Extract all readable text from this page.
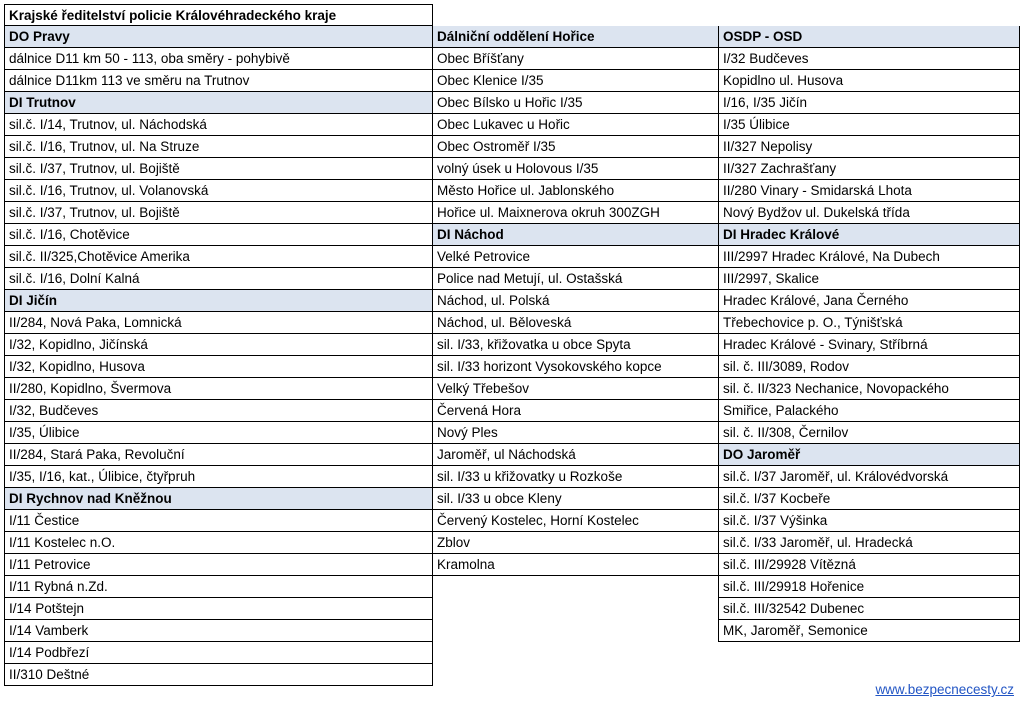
Krajské ředitelství policie Královéhradeckého kraje
DO Pravy
dálnice D11 km 50 - 113, oba směry - pohybivě
dálnice D11km 113 ve směru na Trutnov
DI Trutnov
sil.č. I/14, Trutnov, ul. Náchodská
sil.č. I/16, Trutnov, ul. Na Struze
sil.č. I/37, Trutnov, ul. Bojiště
sil.č. I/16, Trutnov, ul. Volanovská
sil.č. I/37, Trutnov, ul. Bojiště
sil.č. I/16, Chotěvice
sil.č. II/325,Chotěvice Amerika
sil.č. I/16, Dolní Kalná
DI Jičín
II/284, Nová Paka, Lomnická
I/32, Kopidlno, Jičínská
I/32, Kopidlno, Husova
II/280, Kopidlno, Švermova
I/32, Budčeves
I/35, Úlibice
II/284, Stará Paka, Revoluční
I/35, I/16, kat., Úlibice, čtyřpruh
DI Rychnov nad Kněžnou
I/11 Čestice
I/11 Kostelec n.O.
I/11 Petrovice
I/11 Rybná n.Zd.
I/14 Potštejn
I/14 Vamberk
I/14 Podbřezí
II/310 Deštné
Dálniční oddělení Hořice
Obec Bříšťany
Obec Klenice I/35
Obec Bílsko u Hořic I/35
Obec Lukavec u Hořic
Obec Ostroměř I/35
volný úsek u Holovous I/35
Město Hořice ul. Jablonského
Hořice ul. Maixnerova okruh 300ZGH
DI Náchod
Velké Petrovice
Police nad Metují, ul. Ostašská
Náchod, ul. Polská
Náchod, ul. Běloveská
sil. I/33, křižovatka u obce Spyta
sil. I/33 horizont Vysokovského kopce
Velký Třebešov
Červená Hora
Nový Ples
Jaroměř, ul Náchodská
sil. I/33 u křižovatky u Rozkoše
sil. I/33 u obce Kleny
Červený Kostelec, Horní Kostelec
Zblov
Kramolna
OSDP - OSD
I/32 Budčeves
Kopidlno ul. Husova
I/16, I/35 Jičín
I/35 Úlibice
II/327 Nepolisy
II/327 Zachrašťany
II/280 Vinary - Smidarská Lhota
Nový Bydžov ul. Dukelská třída
DI Hradec Králové
III/2997 Hradec Králové, Na Dubech
III/2997, Skalice
Hradec Králové, Jana Černého
Třebechovice p. O., Týnišťská
Hradec Králové - Svinary, Stříbrná
sil. č. III/3089, Rodov
sil. č. II/323 Nechanice, Novopackého
Smiřice, Palackého
sil. č. II/308, Černilov
DO Jaroměř
sil.č. I/37 Jaroměř, ul. Královédvorská
sil.č. I/37 Kocbeře
sil.č. I/37 Výšinka
sil.č. I/33 Jaroměř, ul. Hradecká
sil.č. III/29928 Vítězná
sil.č. III/29918 Hořenice
sil.č. III/32542 Dubenec
MK, Jaroměř, Semonice
www.bezpecnecesty.cz
